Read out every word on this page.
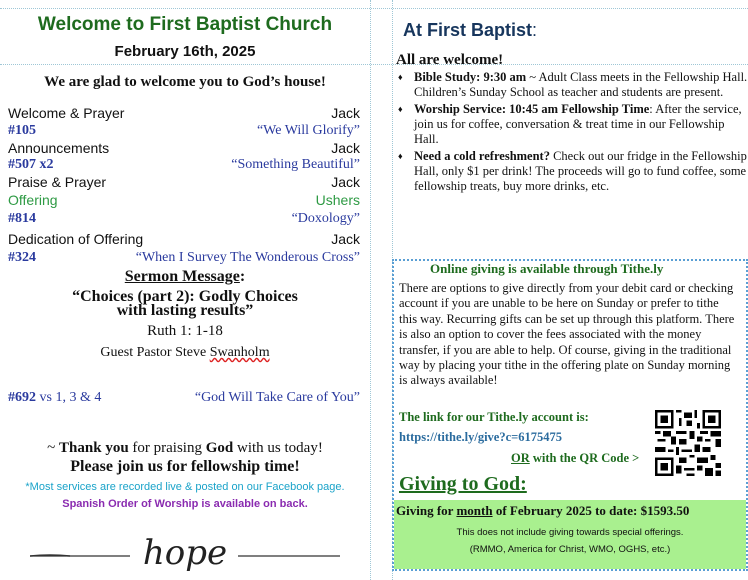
Welcome to First Baptist Church
February 16th, 2025
We are glad to welcome you to God’s house!
Welcome & Prayer	Jack
#105	“We Will Glorify”
Announcements	Jack
#507 x2	“Something Beautiful”
Praise & Prayer	Jack
Offering	Ushers
#814	“Doxology”
Dedication of Offering	Jack
#324	“When I Survey The Wonderous Cross”
Sermon Message:
“Choices (part 2): Godly Choices
with lasting results”
Ruth 1: 1-18
Guest Pastor Steve Swanholm
#692 vs 1, 3 & 4	“God Will Take Care of You”
~ Thank you for praising God with us today!
Please join us for fellowship time!
*Most services are recorded live & posted on our Facebook page.
Spanish Order of Worship is available on back.
hope
At First Baptist:
All are welcome!
♦ Bible Study: 9:30 am ~ Adult Class meets in the Fellowship Hall. Children’s Sunday School as teacher and students are present.
♦ Worship Service: 10:45 am Fellowship Time: After the service, join us for coffee, conversation & treat time in our Fellowship Hall.
♦ Need a cold refreshment? Check out our fridge in the Fellowship Hall, only $1 per drink! The proceeds will go to fund coffee, some fellowship treats, buy more drinks, etc.
Online giving is available through Tithe.ly
There are options to give directly from your debit card or checking account if you are unable to be here on Sunday or prefer to tithe this way. Recurring gifts can be set up through this platform. There is also an option to cover the fees associated with the money transfer, if you are able to help. Of course, giving in the traditional way by placing your tithe in the offering plate on Sunday morning is always available!
The link for our Tithe.ly account is:
https://tithe.ly/give?c=6175475
OR with the QR Code >
Giving to God:
Giving for month of February 2025 to date: $1593.50
This does not include giving towards special offerings.
(RMMO, America for Christ, WMO, OGHS, etc.)
